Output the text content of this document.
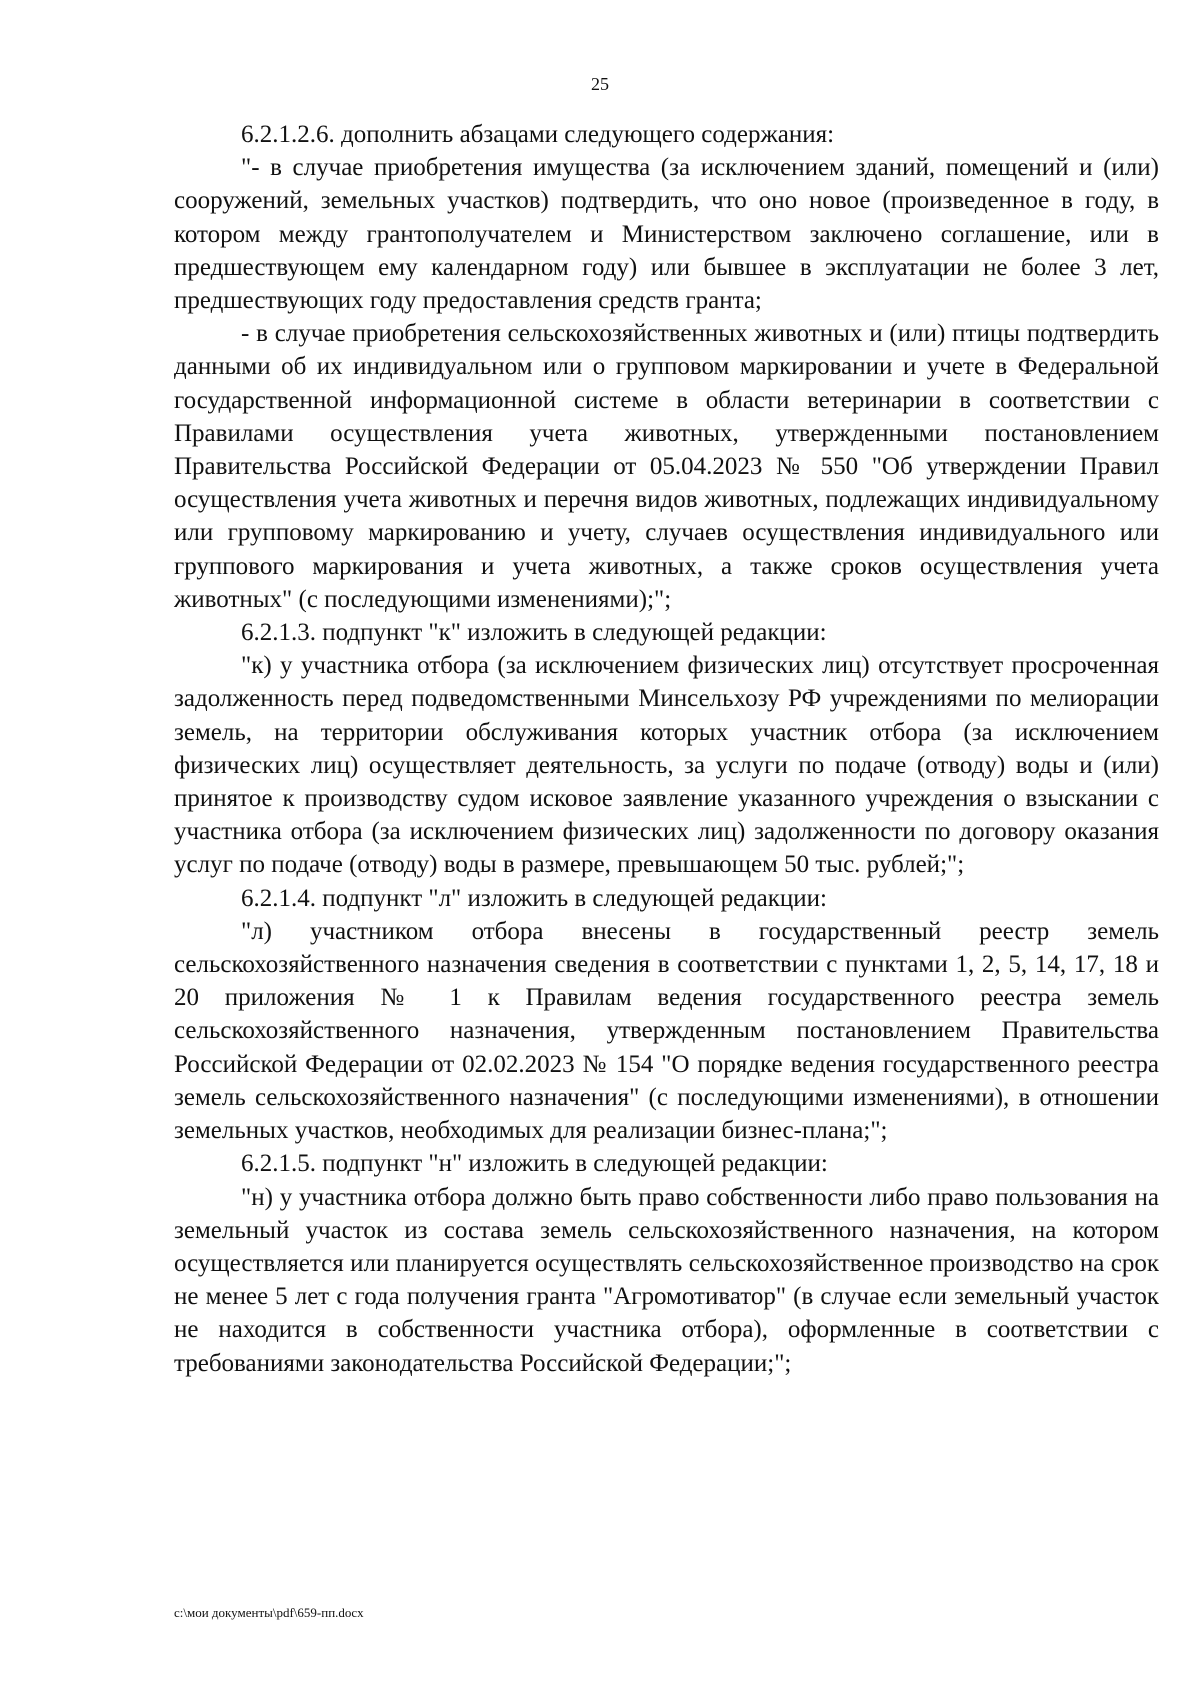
25

6.2.1.2.6. дополнить абзацами следующего содержания:

"- в случае приобретения имущества (за исключением зданий, помещений и (или) сооружений, земельных участков) подтвердить, что оно новое (произведенное в году, в котором между грантополучателем и Министерством заключено соглашение, или в предшествующем ему календарном году) или бывшее в эксплуатации не более 3 лет, предшествующих году предоставления средств гранта;

- в случае приобретения сельскохозяйственных животных и (или) птицы подтвердить данными об их индивидуальном или о групповом маркировании и учете в Федеральной государственной информационной системе в области ветеринарии в соответствии с Правилами осуществления учета животных, утвержденными постановлением Правительства Российской Федерации от 05.04.2023 № 550 "Об утверждении Правил осуществления учета животных и перечня видов животных, подлежащих индивидуальному или групповому маркированию и учету, случаев осуществления индивидуального или группового маркирования и учета животных, а также сроков осуществления учета животных" (с последующими изменениями);";

6.2.1.3. подпункт "к" изложить в следующей редакции:

"к) у участника отбора (за исключением физических лиц) отсутствует просроченная задолженность перед подведомственными Минсельхозу РФ учреждениями по мелиорации земель, на территории обслуживания которых участник отбора (за исключением физических лиц) осуществляет деятельность, за услуги по подаче (отводу) воды и (или) принятое к производству судом исковое заявление указанного учреждения о взыскании с участника отбора (за исключением физических лиц) задолженности по договору оказания услуг по подаче (отводу) воды в размере, превышающем 50 тыс. рублей;";

6.2.1.4. подпункт "л" изложить в следующей редакции:

"л) участником отбора внесены в государственный реестр земель сельскохозяйственного назначения сведения в соответствии с пунктами 1, 2, 5, 14, 17, 18 и 20 приложения № 1 к Правилам ведения государственного реестра земель сельскохозяйственного назначения, утвержденным постановлением Правительства Российской Федерации от 02.02.2023 № 154 "О порядке ведения государственного реестра земель сельскохозяйственного назначения" (с последующими изменениями), в отношении земельных участков, необходимых для реализации бизнес-плана;";

6.2.1.5. подпункт "н" изложить в следующей редакции:

"н) у участника отбора должно быть право собственности либо право пользования на земельный участок из состава земель сельскохозяйственного назначения, на котором осуществляется или планируется осуществлять сельскохозяйственное производство на срок не менее 5 лет с года получения гранта "Агромотиватор" (в случае если земельный участок не находится в собственности участника отбора), оформленные в соответствии с требованиями законодательства Российской Федерации;";

c:\мои документы\pdf\659-пп.docx
